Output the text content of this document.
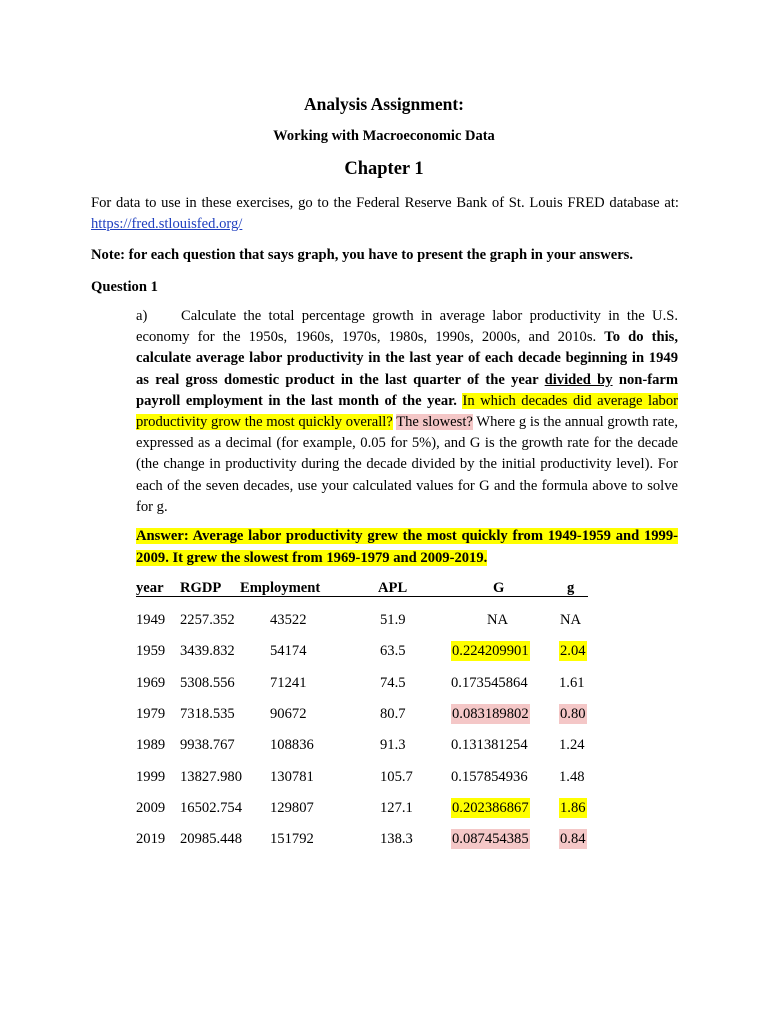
Analysis Assignment:
Working with Macroeconomic Data
Chapter 1
For data to use in these exercises, go to the Federal Reserve Bank of St. Louis FRED database at: https://fred.stlouisfed.org/
Note: for each question that says graph, you have to present the graph in your answers.
Question 1
a) Calculate the total percentage growth in average labor productivity in the U.S. economy for the 1950s, 1960s, 1970s, 1980s, 1990s, 2000s, and 2010s. To do this, calculate average labor productivity in the last year of each decade beginning in 1949 as real gross domestic product in the last quarter of the year divided by non-farm payroll employment in the last month of the year. In which decades did average labor productivity grow the most quickly overall? The slowest? Where g is the annual growth rate, expressed as a decimal (for example, 0.05 for 5%), and G is the growth rate for the decade (the change in productivity during the decade divided by the initial productivity level). For each of the seven decades, use your calculated values for G and the formula above to solve for g.
Answer: Average labor productivity grew the most quickly from 1949-1959 and 1999-2009. It grew the slowest from 1969-1979 and 2009-2019.
year RGDP Employment	APL	G	g
1949 2257.352 43522	51.9	NA	NA
1959 3439.832 54174	63.5	0.224209901 2.04
1969 5308.556 71241	74.5	0.173545864 1.61
1979 7318.535 90672	80.7	0.083189802 0.80
1989 9938.767 108836	91.3	0.131381254 1.24
1999 13827.980 130781	105.7	0.157854936 1.48
2009 16502.754 129807	127.1	0.202386867 1.86
2019 20985.448 151792	138.3	0.087454385 0.84
